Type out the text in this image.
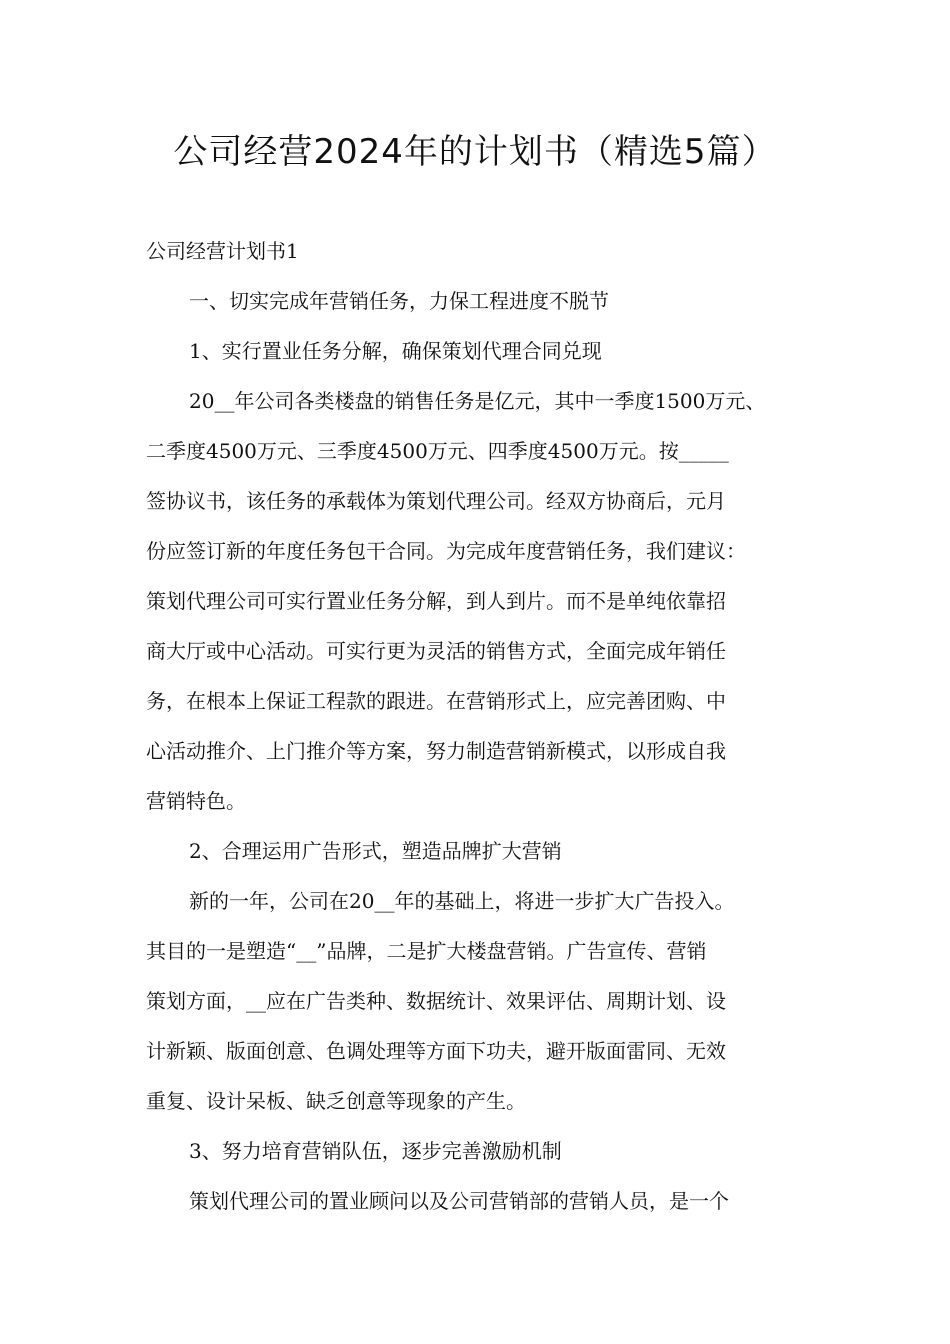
公司经营2024年的计划书（精选5篇）
公司经营计划书1
一、切实完成年营销任务，力保工程进度不脱节
1、实行置业任务分解，确保策划代理合同兑现
20__年公司各类楼盘的销售任务是亿元，其中一季度1500万元、
二季度4500万元、三季度4500万元、四季度4500万元。按_____
签协议书，该任务的承载体为策划代理公司。经双方协商后，元月
份应签订新的年度任务包干合同。为完成年度营销任务，我们建议：
策划代理公司可实行置业任务分解，到人到片。而不是单纯依靠招
商大厅或中心活动。可实行更为灵活的销售方式，全面完成年销任
务，在根本上保证工程款的跟进。在营销形式上，应完善团购、中
心活动推介、上门推介等方案，努力制造营销新模式，以形成自我
营销特色。
2、合理运用广告形式，塑造品牌扩大营销
新的一年，公司在20__年的基础上，将进一步扩大广告投入。
其目的一是塑造“__”品牌，二是扩大楼盘营销。广告宣传、营销
策划方面，__应在广告类种、数据统计、效果评估、周期计划、设
计新颖、版面创意、色调处理等方面下功夫，避开版面雷同、无效
重复、设计呆板、缺乏创意等现象的产生。
3、努力培育营销队伍，逐步完善激励机制
策划代理公司的置业顾问以及公司营销部的营销人员，是一个
